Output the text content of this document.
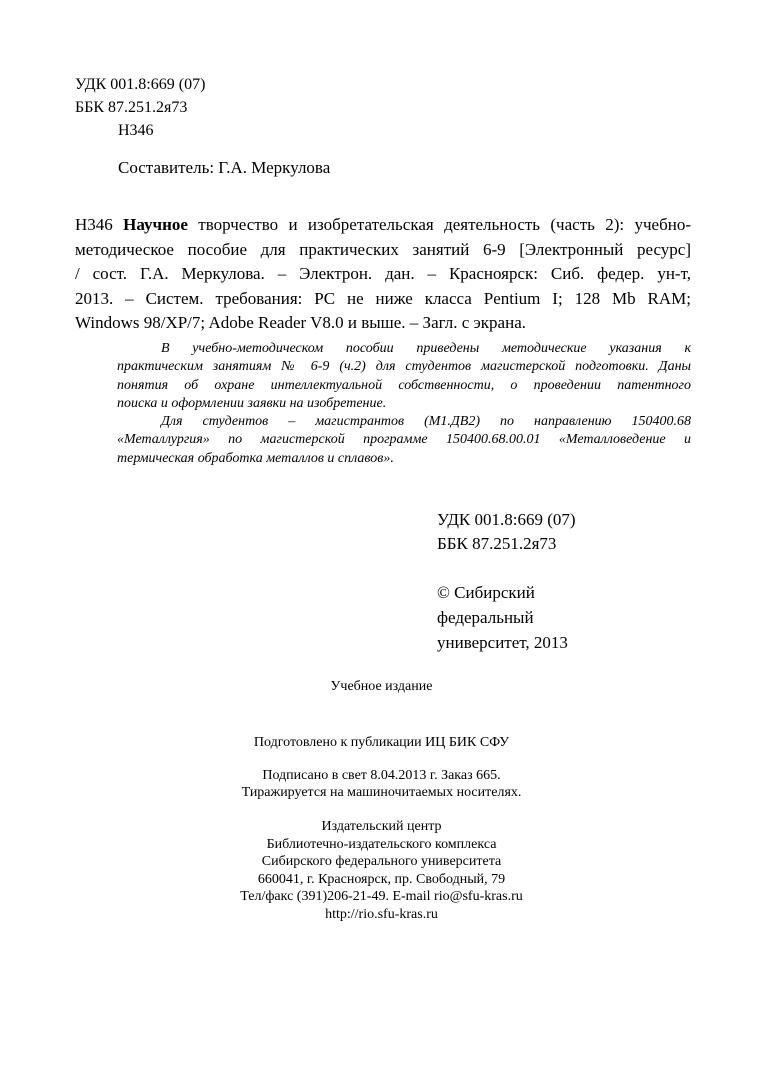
УДК 001.8:669 (07)
ББК 87.251.2я73
Н346
Составитель: Г.А. Меркулова
Н346 Научное творчество и изобретательская деятельность (часть 2): учебно-
методическое пособие для практических занятий 6-9 [Электронный ресурс]
/ сост. Г.А. Меркулова. – Электрон. дан. – Красноярск: Сиб. федер. ун-т,
2013. – Систем. требования: PC не ниже класса Pentium I; 128 Mb RAM;
Windows 98/XP/7; Adobe Reader V8.0 и выше. – Загл. с экрана.
В учебно-методическом пособии приведены методические указания к
практическим занятиям № 6-9 (ч.2) для студентов магистерской подготовки. Даны
понятия об охране интеллектуальной собственности, о проведении патентного
поиска и оформлении заявки на изобретение.
Для студентов – магистрантов (М1.ДВ2) по направлению 150400.68
«Металлургия» по магистерской программе 150400.68.00.01 «Металловедение и
термическая обработка металлов и сплавов».
УДК 001.8:669 (07)
ББК 87.251.2я73
© Сибирский
федеральный
университет, 2013
Учебное издание
Подготовлено к публикации ИЦ БИК СФУ
Подписано в свет 8.04.2013 г. Заказ 665.
Тиражируется на машиночитаемых носителях.
Издательский центр
Библиотечно-издательского комплекса
Сибирского федерального университета
660041, г. Красноярск, пр. Свободный, 79
Тел/факс (391)206-21-49. E-mail rio@sfu-kras.ru
http://rio.sfu-kras.ru
